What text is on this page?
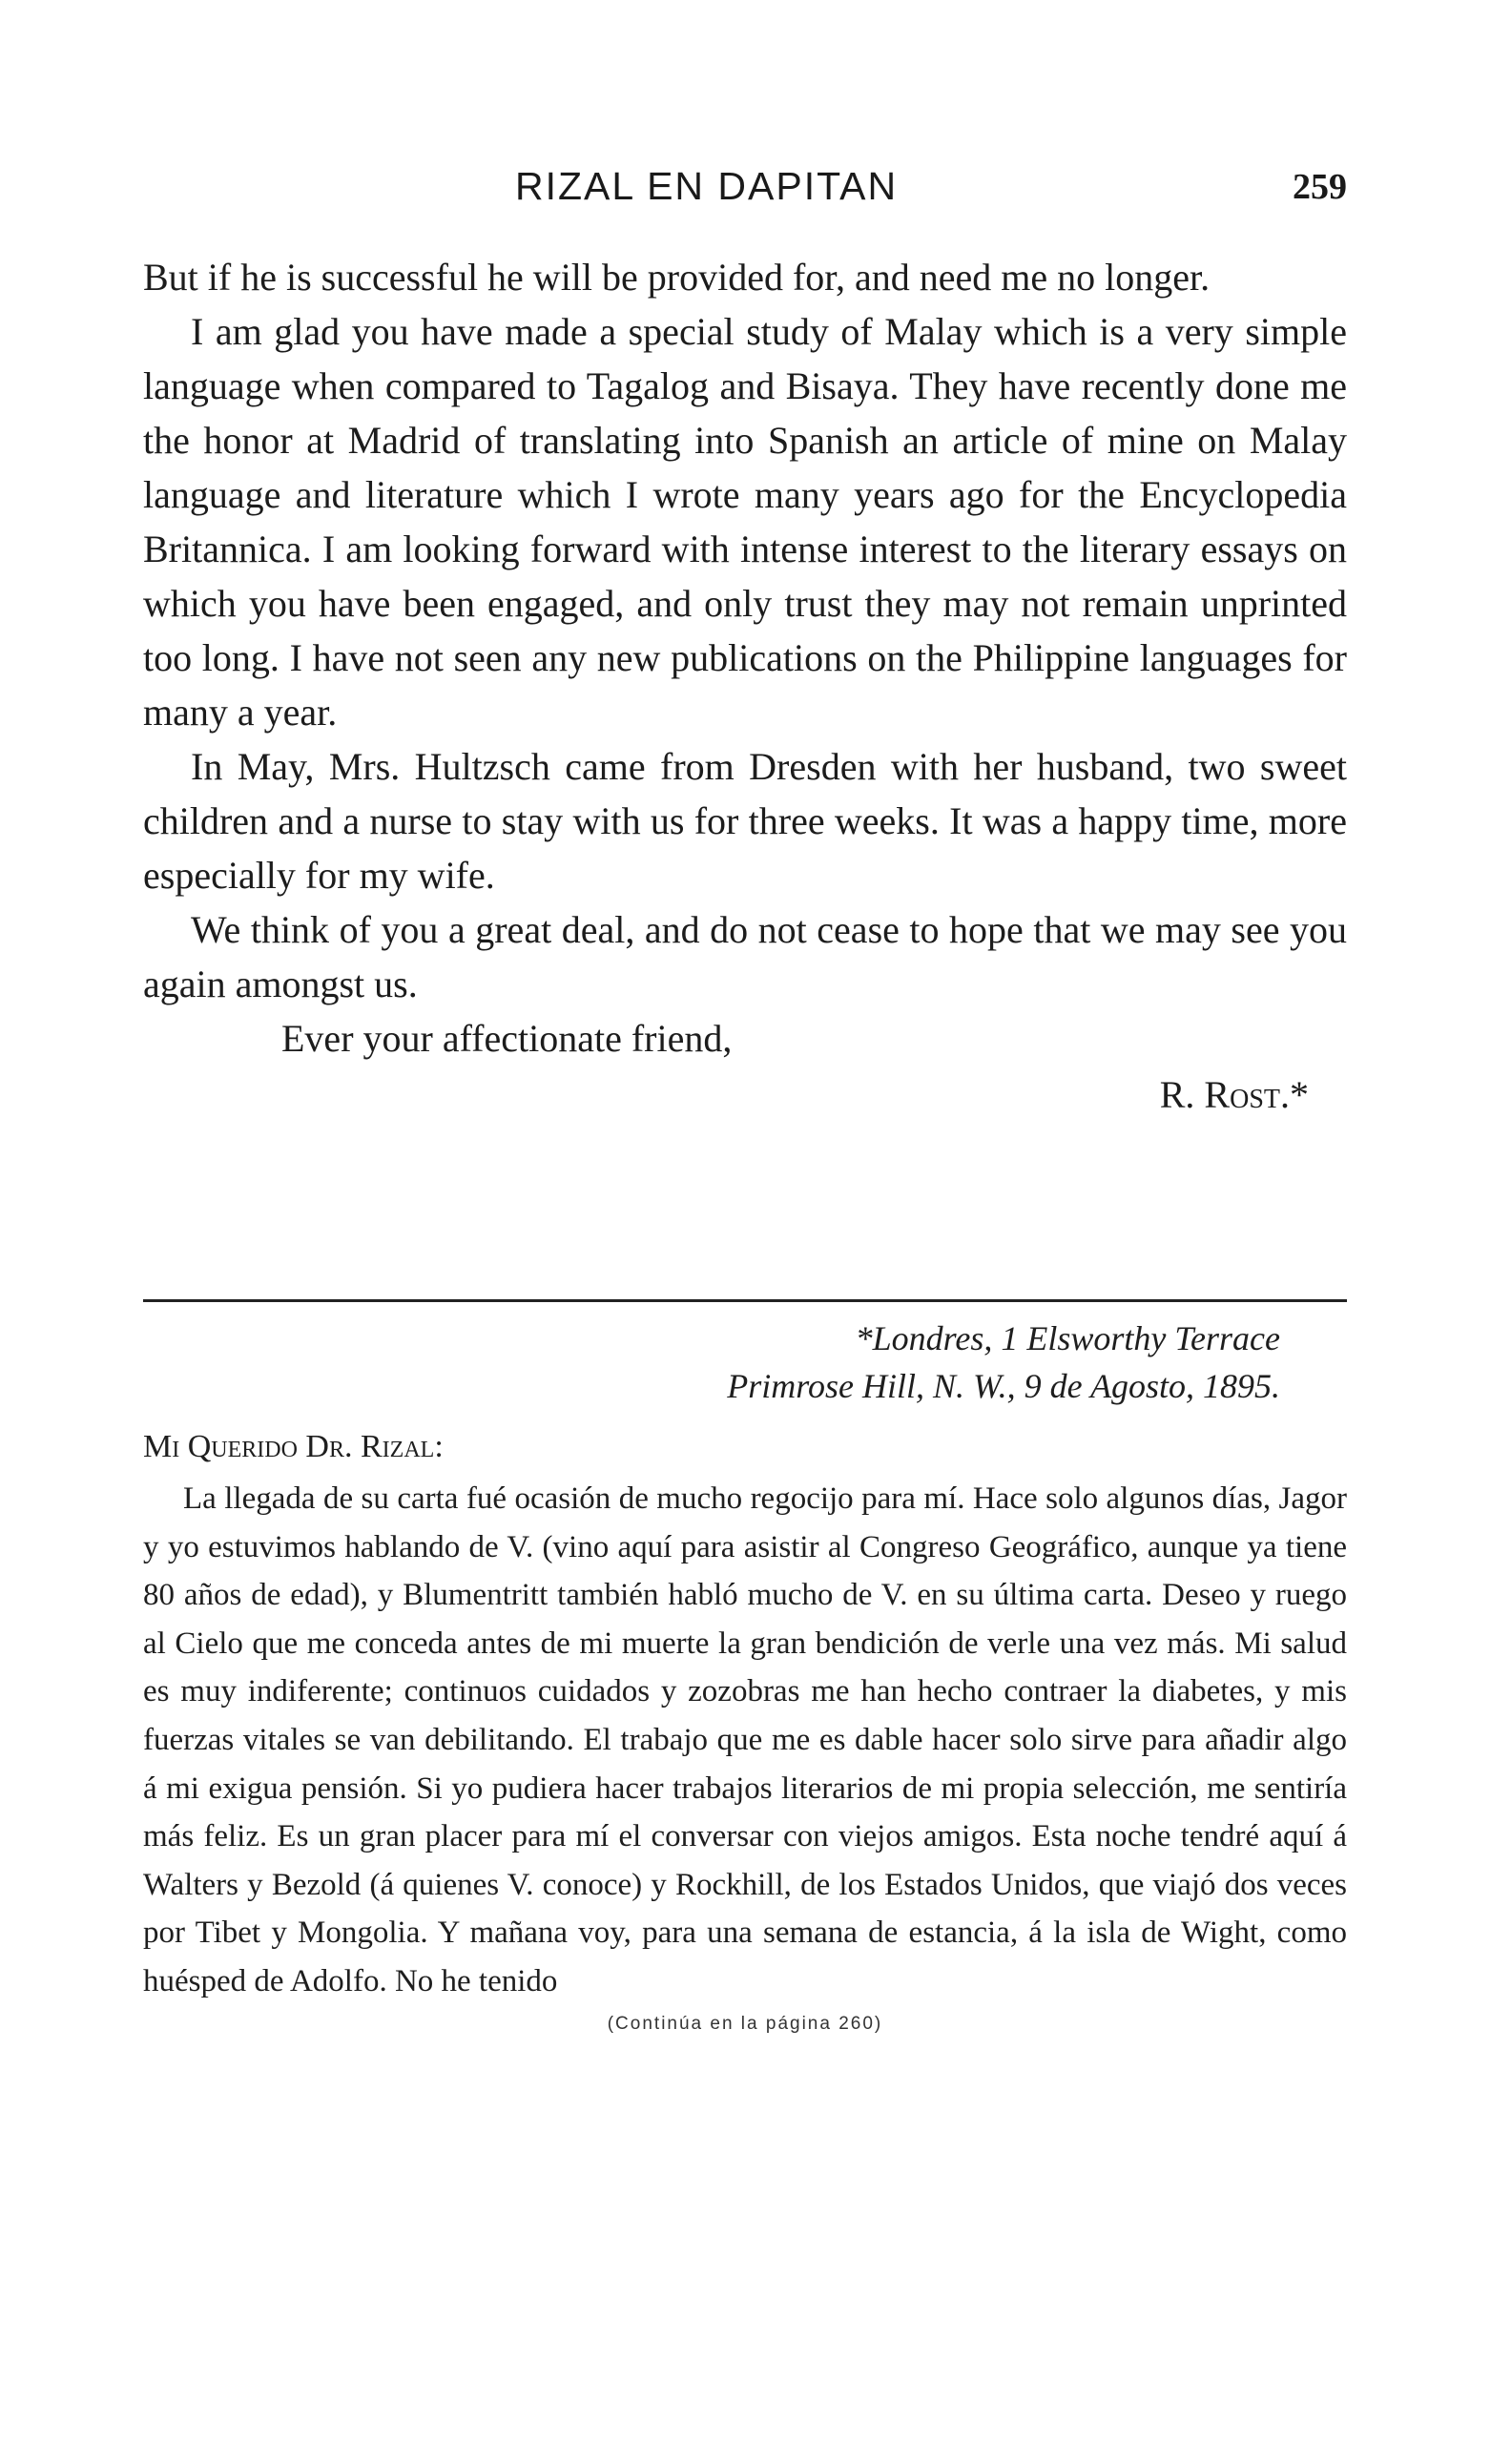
RIZAL EN DAPITAN	259

But if he is successful he will be provided for, and need me no longer.

I am glad you have made a special study of Malay which is a very simple language when compared to Tagalog and Bisaya. They have recently done me the honor at Madrid of translating into Spanish an article of mine on Malay language and literature which I wrote many years ago for the Encyclopedia Britannica. I am looking forward with intense interest to the literary essays on which you have been engaged, and only trust they may not remain unprinted too long. I have not seen any new publications on the Philippine languages for many a year.

In May, Mrs. Hultzsch came from Dresden with her husband, two sweet children and a nurse to stay with us for three weeks. It was a happy time, more especially for my wife.

We think of you a great deal, and do not cease to hope that we may see you again amongst us.

Ever your affectionate friend,

R. Rost.*

*Londres, 1 Elsworthy Terrace
Primrose Hill, N. W., 9 de Agosto, 1895.
Mi Querido Dr. Rizal:

La llegada de su carta fué ocasión de mucho regocijo para mí. Hace solo algunos días, Jagor y yo estuvimos hablando de V. (vino aquí para asistir al Congreso Geográfico, aunque ya tiene 80 años de edad), y Blumentritt también habló mucho de V. en su última carta. Deseo y ruego al Cielo que me conceda antes de mi muerte la gran bendición de verle una vez más. Mi salud es muy indiferente; continuos cuidados y zozobras me han hecho contraer la diabetes, y mis fuerzas vitales se van debilitando. El trabajo que me es dable hacer solo sirve para añadir algo á mi exigua pensión. Si yo pudiera hacer trabajos literarios de mi propia selección, me sentiría más feliz. Es un gran placer para mí el conversar con viejos amigos. Esta noche tendré aquí á Walters y Bezold (á quienes V. conoce) y Rockhill, de los Estados Unidos, que viajó dos veces por Tibet y Mongolia. Y mañana voy, para una semana de estancia, á la isla de Wight, como huésped de Adolfo. No he tenido

(Continúa en la página 260)
